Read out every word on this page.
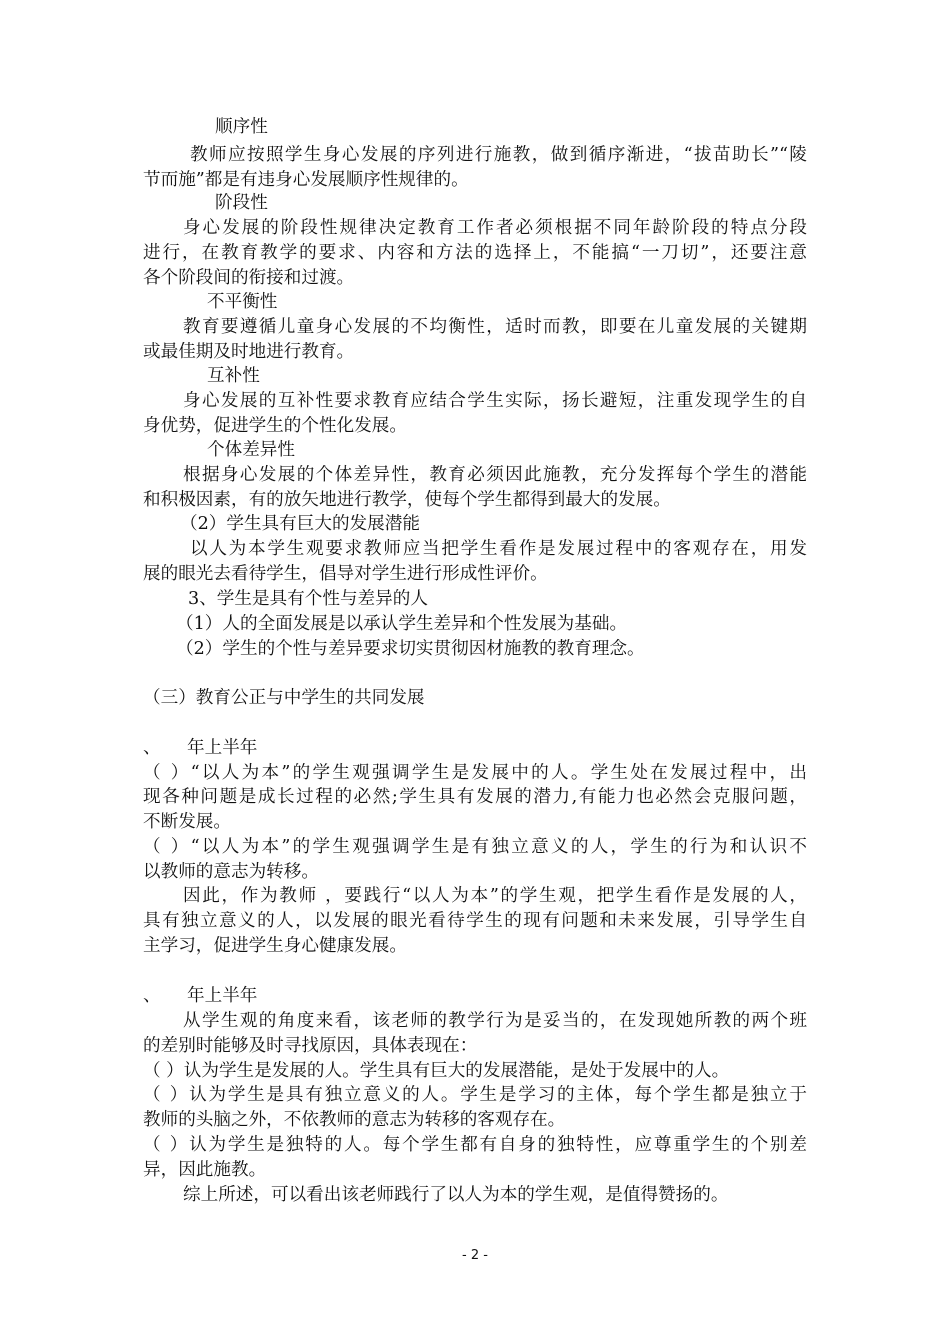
顺序性
教师应按照学生身心发展的序列进行施教，做到循序渐进，“拔苗助长”“陵
节而施”都是有违身心发展顺序性规律的。
阶段性
身心发展的阶段性规律决定教育工作者必须根据不同年龄阶段的特点分段
进行，在教育教学的要求、内容和方法的选择上，不能搞“一刀切”，还要注意
各个阶段间的衔接和过渡。
不平衡性
教育要遵循儿童身心发展的不均衡性，适时而教，即要在儿童发展的关键期
或最佳期及时地进行教育。
互补性
身心发展的互补性要求教育应结合学生实际，扬长避短，注重发现学生的自
身优势，促进学生的个性化发展。
个体差异性
根据身心发展的个体差异性，教育必须因此施教，充分发挥每个学生的潜能
和积极因素，有的放矢地进行教学，使每个学生都得到最大的发展。
（2）学生具有巨大的发展潜能
以人为本学生观要求教师应当把学生看作是发展过程中的客观存在，用发
展的眼光去看待学生，倡导对学生进行形成性评价。
3、学生是具有个性与差异的人
（1）人的全面发展是以承认学生差异和个性发展为基础。
（2）学生的个性与差异要求切实贯彻因材施教的教育理念。
（三）教育公正与中学生的共同发展
、 年上半年
（ ）“以人为本”的学生观强调学生是发展中的人。学生处在发展过程中，出
现各种问题是成长过程的必然;学生具有发展的潜力,有能力也必然会克服问题，
不断发展。
（ ）“以人为本”的学生观强调学生是有独立意义的人，学生的行为和认识不
以教师的意志为转移。
因此，作为教师 ，要践行“以人为本”的学生观，把学生看作是发展的人，
具有独立意义的人，以发展的眼光看待学生的现有问题和未来发展，引导学生自
主学习，促进学生身心健康发展。
、 年上半年
从学生观的角度来看，该老师的教学行为是妥当的，在发现她所教的两个班
的差别时能够及时寻找原因，具体表现在：
（ ）认为学生是发展的人。学生具有巨大的发展潜能，是处于发展中的人。
（ ）认为学生是具有独立意义的人。学生是学习的主体，每个学生都是独立于
教师的头脑之外，不依教师的意志为转移的客观存在。
（ ）认为学生是独特的人。每个学生都有自身的独特性，应尊重学生的个别差
异，因此施教。
综上所述，可以看出该老师践行了以人为本的学生观，是值得赞扬的。
- 2 -
